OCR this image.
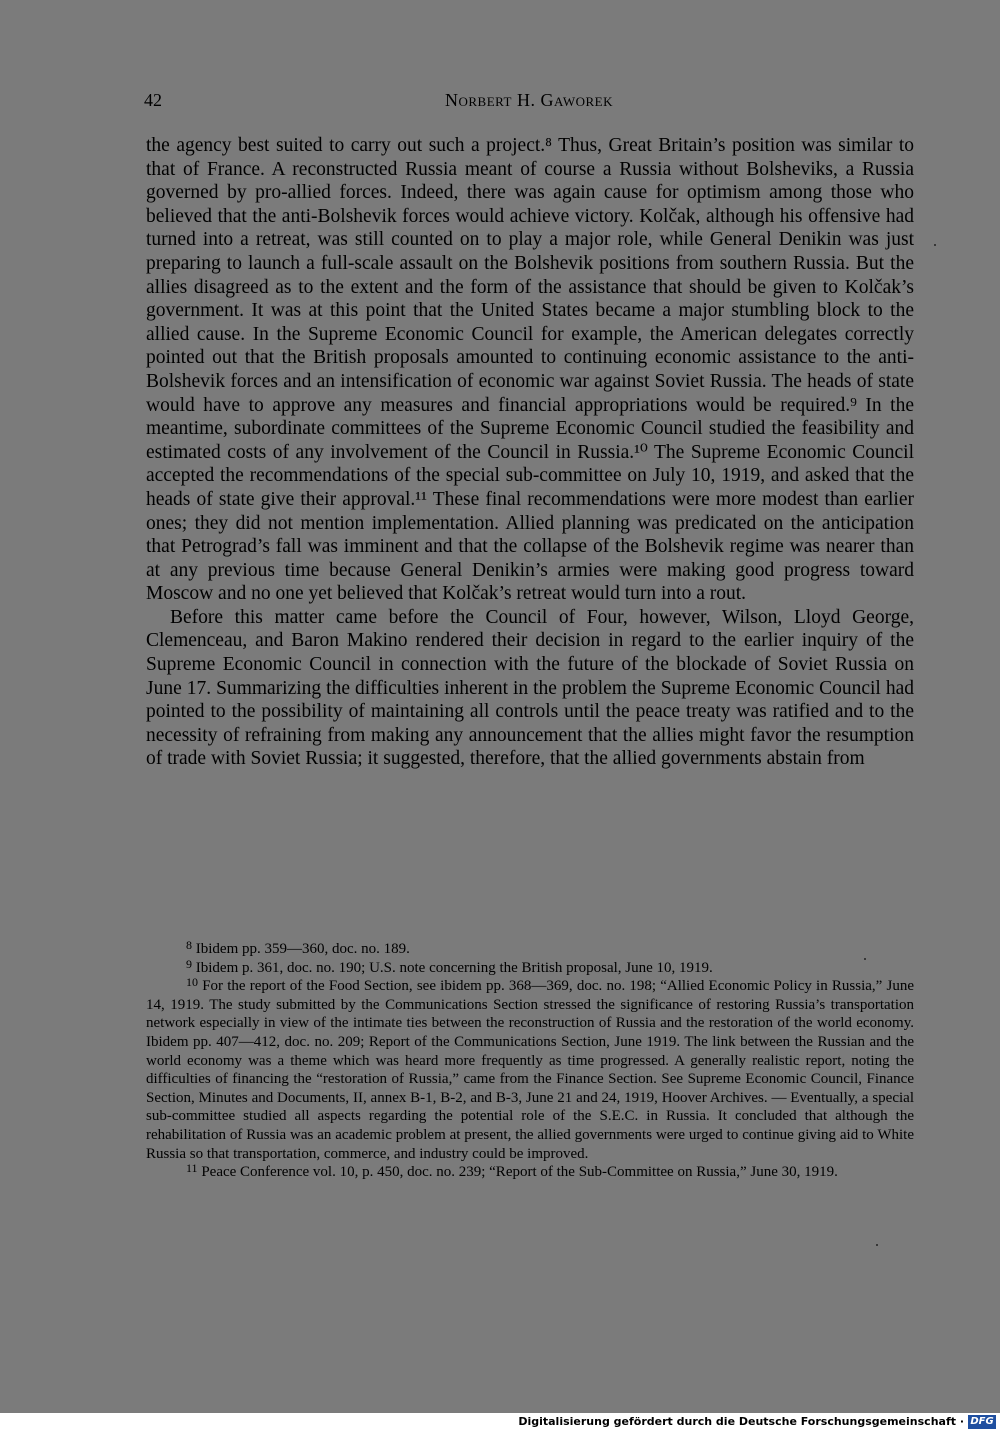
42	Norbert H. Gaworek

the agency best suited to carry out such a project.⁸ Thus, Great Britain’s position was similar to that of France. A reconstructed Russia meant of course a Russia without Bolsheviks, a Russia governed by pro-allied forces. Indeed, there was again cause for optimism among those who believed that the anti-Bolshevik forces would achieve victory. Kolčak, although his offensive had turned into a retreat, was still counted on to play a major role, while General Denikin was just preparing to launch a full-scale assault on the Bolshevik positions from southern Russia. But the allies disagreed as to the extent and the form of the assistance that should be given to Kolčak’s government. It was at this point that the United States became a major stumbling block to the allied cause. In the Supreme Economic Council for example, the American delegates correctly pointed out that the British proposals amounted to continuing economic assistance to the anti-Bolshevik forces and an intensification of economic war against Soviet Russia. The heads of state would have to approve any measures and financial appropriations would be required.⁹ In the meantime, subordinate committees of the Supreme Economic Council studied the feasibility and estimated costs of any involvement of the Council in Russia.¹⁰ The Supreme Economic Council accepted the recommendations of the special sub-committee on July 10, 1919, and asked that the heads of state give their approval.¹¹ These final recommendations were more modest than earlier ones; they did not mention implementation. Allied planning was predicated on the anticipation that Petrograd’s fall was imminent and that the collapse of the Bolshevik regime was nearer than at any previous time because General Denikin’s armies were making good progress toward Moscow and no one yet believed that Kolčak’s retreat would turn into a rout.

Before this matter came before the Council of Four, however, Wilson, Lloyd George, Clemenceau, and Baron Makino rendered their decision in regard to the earlier inquiry of the Supreme Economic Council in connection with the future of the blockade of Soviet Russia on June 17. Summarizing the difficulties inherent in the problem the Supreme Economic Council had pointed to the possibility of maintaining all controls until the peace treaty was ratified and to the necessity of refraining from making any announcement that the allies might favor the resumption of trade with Soviet Russia; it suggested, therefore, that the allied governments abstain from

8 Ibidem pp. 359—360, doc. no. 189.

9 Ibidem p. 361, doc. no. 190; U.S. note concerning the British proposal, June 10, 1919.

10 For the report of the Food Section, see ibidem pp. 368—369, doc. no. 198; “Allied Economic Policy in Russia,” June 14, 1919. The study submitted by the Communications Section stressed the significance of restoring Russia’s transportation network especially in view of the intimate ties between the reconstruction of Russia and the restoration of the world economy. Ibidem pp. 407—412, doc. no. 209; Report of the Communications Section, June 1919. The link between the Russian and the world economy was a theme which was heard more frequently as time progressed. A generally realistic report, noting the difficulties of financing the “restoration of Russia,” came from the Finance Section. See Supreme Economic Council, Finance Section, Minutes and Documents, II, annex B-1, B-2, and B-3, June 21 and 24, 1919, Hoover Archives. — Eventually, a special sub-committee studied all aspects regarding the potential role of the S.E.C. in Russia. It concluded that although the rehabilitation of Russia was an academic problem at present, the allied governments were urged to continue giving aid to White Russia so that transportation, commerce, and industry could be improved.

11 Peace Conference vol. 10, p. 450, doc. no. 239; “Report of the Sub-Committee on Russia,” June 30, 1919.

Digitalisierung gefördert durch die Deutsche Forschungsgemeinschaft · DFG
